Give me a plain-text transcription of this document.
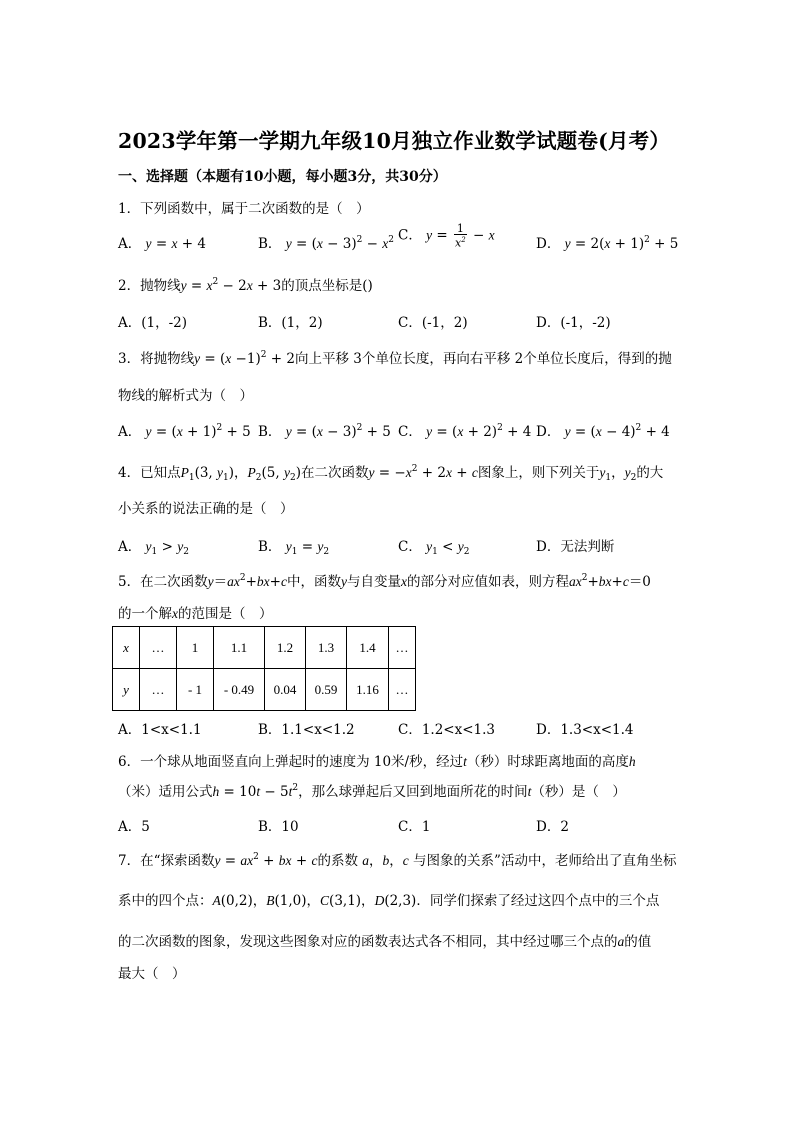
2023学年第一学期九年级10月独立作业数学试题卷(月考）
一、选择题（本题有10小题，每小题3分，共30分）
1．下列函数中，属于二次函数的是（　）
A． y = x + 4	B． $y = (x - 3)^2 - x^2$ C． $y = \frac{1}{x^2} - x$
D． $y = 2(x + 1)^2 + 5$
2．抛物线$y = x^2 - 2x + 3$的顶点坐标是()
A．(1，-2)	B．(1，2)	C．(-1，2)	D．(-1，-2)
3．将抛物线$y = (x -1)^2 + 2$向上平移 3个单位长度，再向右平移 2个单位长度后，得到的抛
物线的解析式为（　）
A． $y = (x + 1)^2 + 5$ B． $y = (x - 3)^2 + 5$ C． $y = (x + 2)^2 + 4$ D． $y = (x - 4)^2 + 4$
4．已知点$P_1(3$, $y_1$)，$P_2(5$, $y_2$)在二次函数$y = -x^2 + 2x + c$图象上，则下列关于$y_1$，$y_2$的大
小关系的说法正确的是（　）
A． $y_1 > y_2$	B． $y_1 = y_2$	C． $y_1 < y_2$	D．无法判断
5．在二次函数$y=ax^2+bx+c$中，函数y与自变量x的部分对应值如表，则方程$ax^2+bx+c=0$
的一个解x的范围是（　）
x	…	1	1.1	1.2	1.3	1.4	…
y	…	- 1	- 0.49	0.04	0.59	1.16	…
A．1<x<1.1	B．1.1<x<1.2	C．1.2<x<1.3	D．1.3<x<1.4
6．一个球从地面竖直向上弹起时的速度为 10米/秒，经过t（秒）时球距离地面的高度h
（米）适用公式$h = 10t - 5t^2$，那么球弹起后又回到地面所花的时间t（秒）是（　）
A．5	B．10	C．1	D．2
7．在“探索函数$y = ax^2$ + bx + c的系数 a，b，c 与图象的关系”活动中，老师给出了直角坐标
系中的四个点：A(0,2)，B(1,0)，C(3,1)，D(2,3)．同学们探索了经过这四个点中的三个点
的二次函数的图象，发现这些图象对应的函数表达式各不相同，其中经过哪三个点的a的值
最大（　）
